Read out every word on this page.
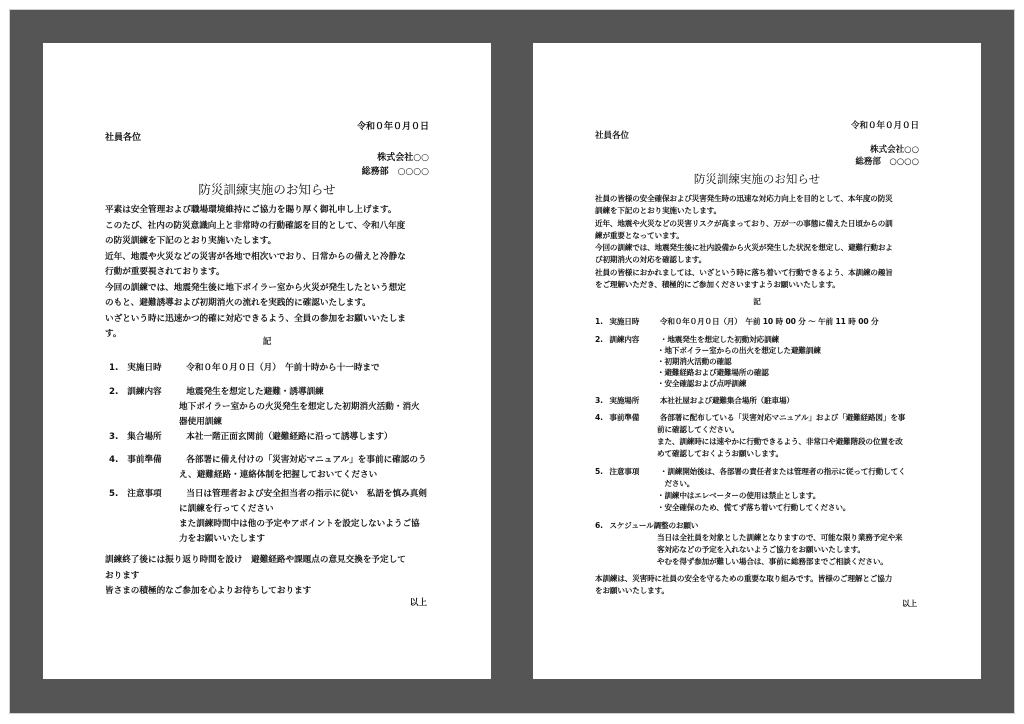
令和０年０月０日
社員各位
株式会社○○
総務部　○○○○
防災訓練実施のお知らせ
平素は安全管理および職場環境維持にご協力を賜り厚く御礼申し上げます。
このたび、社内の防災意識向上と非常時の行動確認を目的として、令和八年度
の防災訓練を下記のとおり実施いたします。
近年、地震や火災などの災害が各地で相次いでおり、日常からの備えと冷静な
行動が重要視されております。
今回の訓練では、地震発生後に地下ボイラー室から火災が発生したという想定
のもと、避難誘導および初期消火の流れを実践的に確認いたします。
いざという時に迅速かつ的確に対応できるよう、全員の参加をお願いいたしま
す。
記
1. 実施日時	令和０年０月０日（月）　午前十時から十一時まで
2. 訓練内容	地震発生を想定した避難・誘導訓練
地下ボイラー室からの火災発生を想定した初期消火活動・消火
器使用訓練
3. 集合場所	本社一階正面玄関前（避難経路に沿って誘導します）
4. 事前準備	各部署に備え付けの「災害対応マニュアル」を事前に確認のう
え、避難経路・連絡体制を把握しておいてください
5. 注意事項	当日は管理者および安全担当者の指示に従い　私語を慎み真剣
に訓練を行ってください
また訓練時間中は他の予定やアポイントを設定しないようご協
力をお願いいたします
訓練終了後には振り返り時間を設け　避難経路や課題点の意見交換を予定して
おります
皆さまの積極的なご参加を心よりお待ちしております
以上
令和０年０月０日
社員各位
株式会社○○
総務部　○○○○
防災訓練実施のお知らせ
社員の皆様の安全確保および災害発生時の迅速な対応力向上を目的として、本年度の防災
訓練を下記のとおり実施いたします。
近年、地震や火災などの災害リスクが高まっており、万が一の事態に備えた日頃からの訓
練が重要となっています。
今回の訓練では、地震発生後に社内設備から火災が発生した状況を想定し、避難行動およ
び初期消火の対応を確認します。
社員の皆様におかれましては、いざという時に落ち着いて行動できるよう、本訓練の趣旨
をご理解いただき、積極的にご参加くださいますようお願いいたします。
記
1. 実施日時	令和０年０月０日（月）　午前 10 時 00 分 ～ 午前 11 時 00 分
2. 訓練内容	・地震発生を想定した初動対応訓練
・地下ボイラー室からの出火を想定した避難訓練
・初期消火活動の確認
・避難経路および避難場所の確認
・安全確認および点呼訓練
3. 実施場所	本社社屋および避難集合場所（駐車場）
4. 事前準備	各部署に配布している「災害対応マニュアル」および「避難経路図」を事
前に確認してください。
また、訓練時には速やかに行動できるよう、非常口や避難階段の位置を改
めて確認しておくようお願いします。
5. 注意事項	・訓練開始後は、各部署の責任者または管理者の指示に従って行動してく
　ださい。
・訓練中はエレベーターの使用は禁止とします。
・安全確保のため、慌てず落ち着いて行動してください。
6. スケジュール調整のお願い
当日は全社員を対象とした訓練となりますので、可能な限り業務予定や来
客対応などの予定を入れないようご協力をお願いいたします。
やむを得ず参加が難しい場合は、事前に総務部までご相談ください。
本訓練は、災害時に社員の安全を守るための重要な取り組みです。皆様のご理解とご協力
をお願いいたします。
以上
